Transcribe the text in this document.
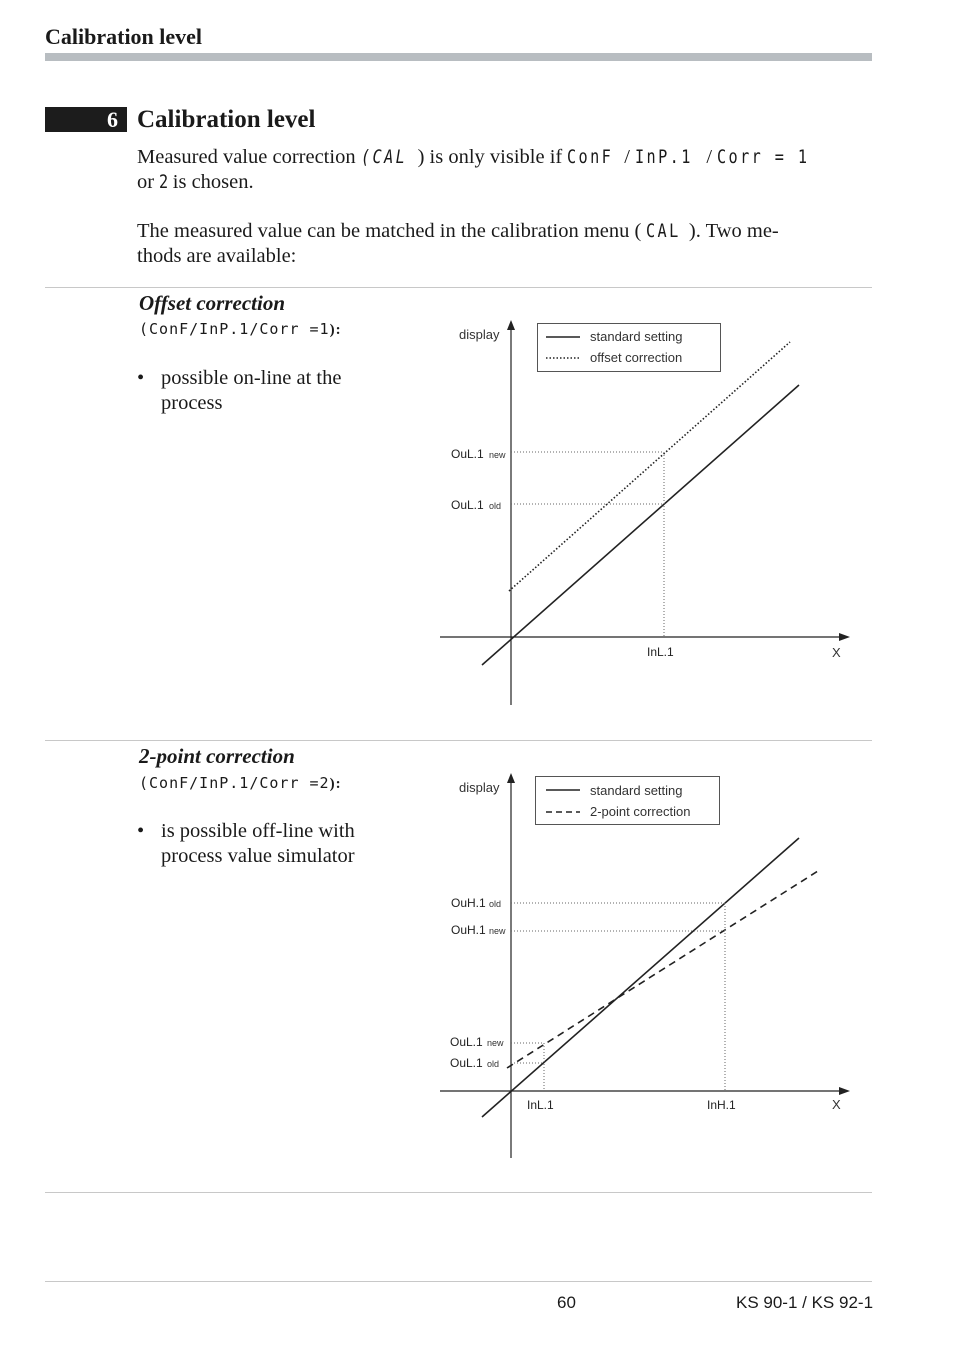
Calibration level
6 Calibration level
Measured value correction (CAL ) is only visible if ConF / InP.1 / Corr = 1
or 2 is chosen.
The measured value can be matched in the calibration menu ( CAL ). Two me-
thods are available:
Offset correction
(ConF/InP.1/Corr =1):
• possible on-line at the process
display
X
standard setting
offset correction
OuL.1 new
OuL.1 old
InL.1
2-point correction
(ConF/InP.1/Corr =2):
• is possible off-line with process value simulator
display
X
standard setting
2-point correction
OuH.1 old
OuH.1 new
OuL.1 new
OuL.1 old
InL.1	InH.1
60	KS 90-1 / KS 92-1
